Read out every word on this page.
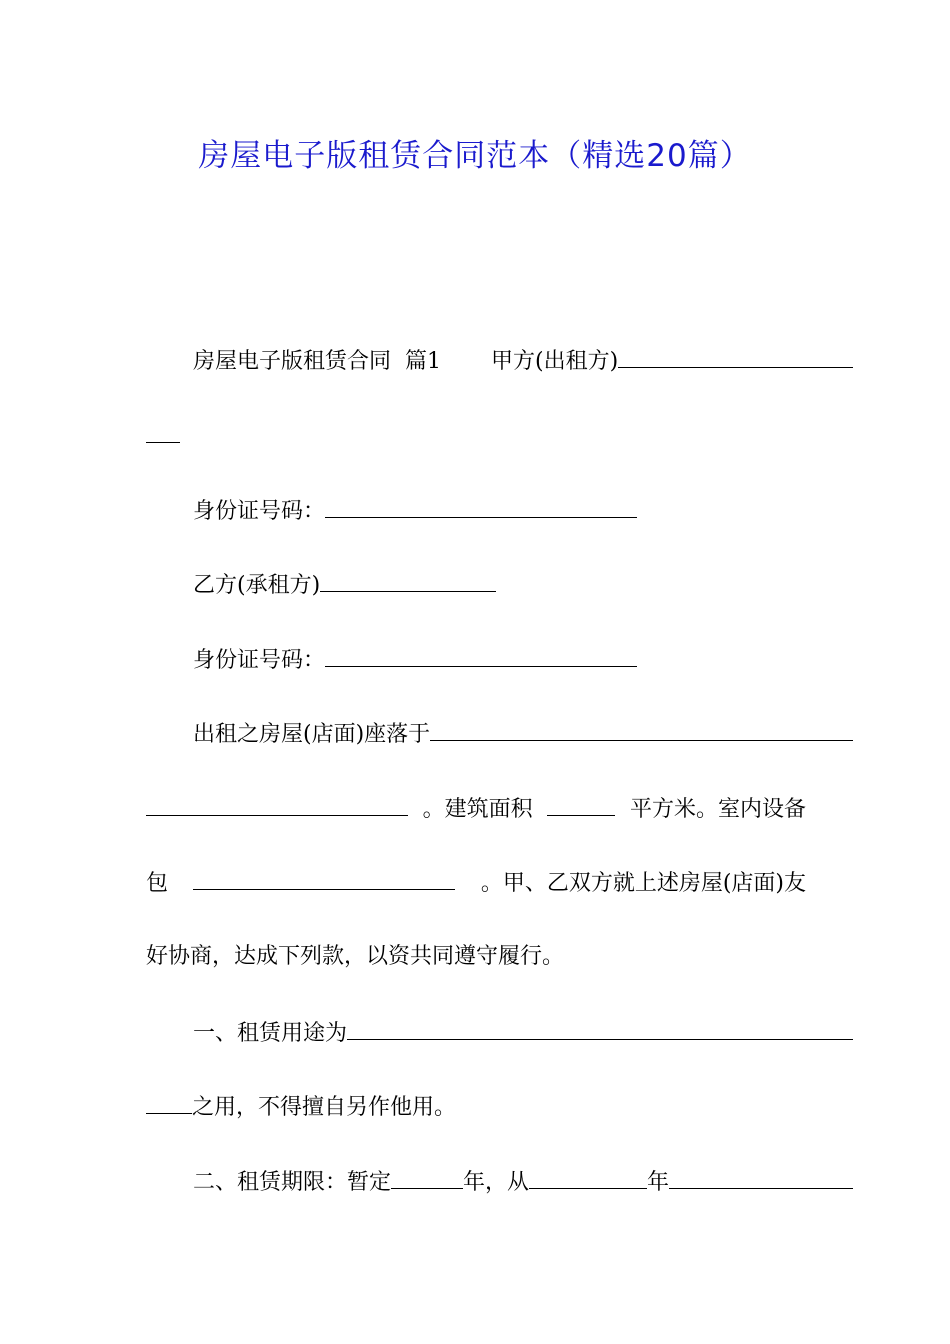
房屋电子版租赁合同范本（精选20篇）
房屋电子版租赁合同  篇1 甲方(出租方)
身份证号码：
乙方(承租方)
身份证号码：
出租之房屋(店面)座落于
。建筑面积	平方米。室内设备
包	。甲、乙双方就上述房屋(店面)友
好协商，达成下列款，以资共同遵守履行。
一、租赁用途为
之用，不得擅自另作他用。
二、租赁期限：暂定	年，从	年
